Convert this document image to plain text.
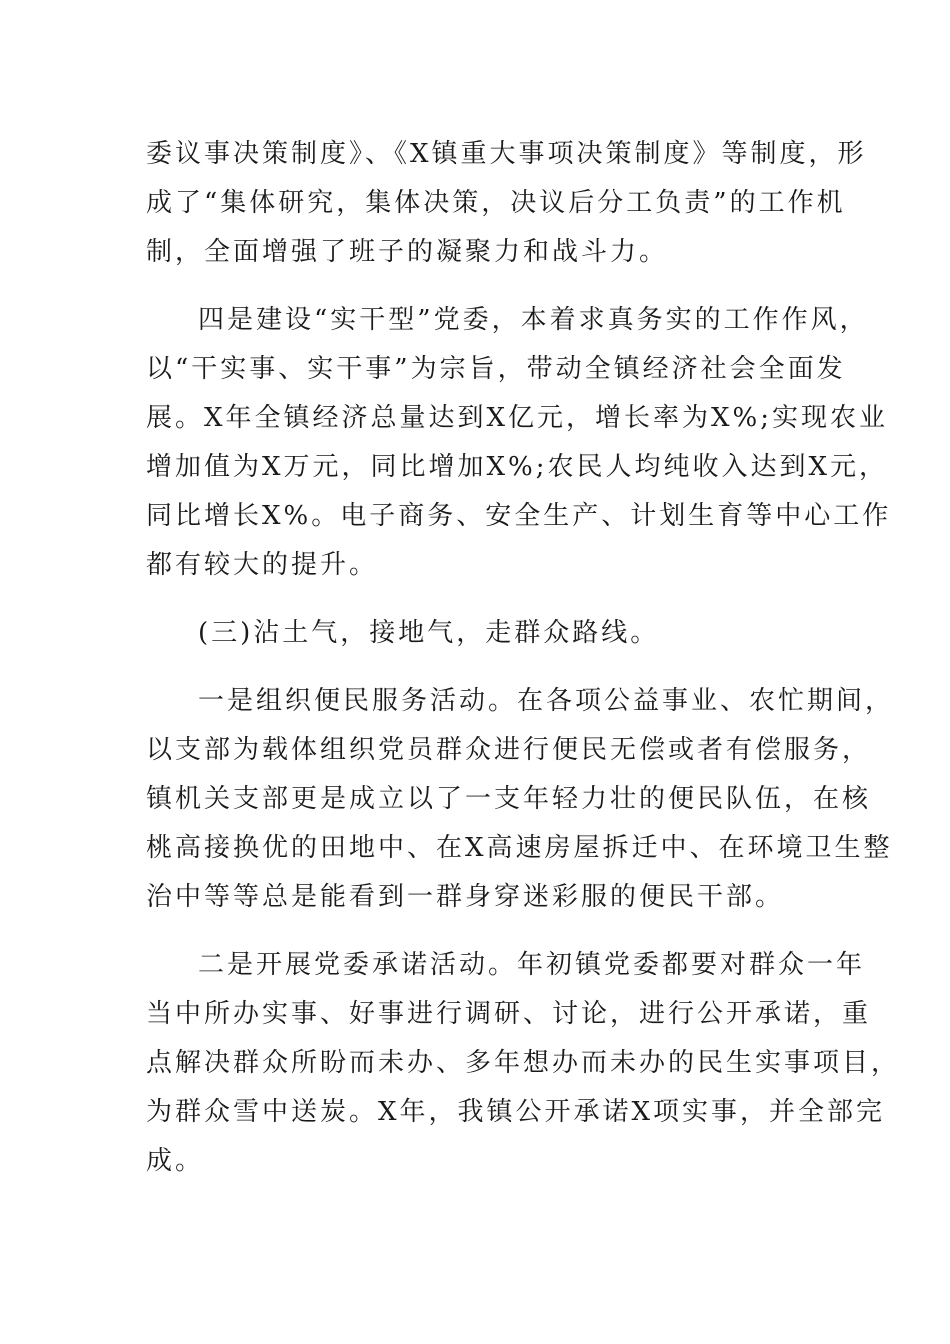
委议事决策制度》、《X镇重大事项决策制度》等制度，形
成了“集体研究，集体决策，决议后分工负责”的工作机
制，全面增强了班子的凝聚力和战斗力。
四是建设“实干型”党委，本着求真务实的工作作风，
以“干实事、实干事”为宗旨，带动全镇经济社会全面发
展。X年全镇经济总量达到X亿元，增长率为X%;实现农业
增加值为X万元，同比增加X%;农民人均纯收入达到X元，
同比增长X%。电子商务、安全生产、计划生育等中心工作
都有较大的提升。
(三)沾土气，接地气，走群众路线。
一是组织便民服务活动。在各项公益事业、农忙期间，
以支部为载体组织党员群众进行便民无偿或者有偿服务，
镇机关支部更是成立以了一支年轻力壮的便民队伍，在核
桃高接换优的田地中、在X高速房屋拆迁中、在环境卫生整
治中等等总是能看到一群身穿迷彩服的便民干部。
二是开展党委承诺活动。年初镇党委都要对群众一年
当中所办实事、好事进行调研、讨论，进行公开承诺，重
点解决群众所盼而未办、多年想办而未办的民生实事项目，
为群众雪中送炭。X年，我镇公开承诺X项实事，并全部完
成。
